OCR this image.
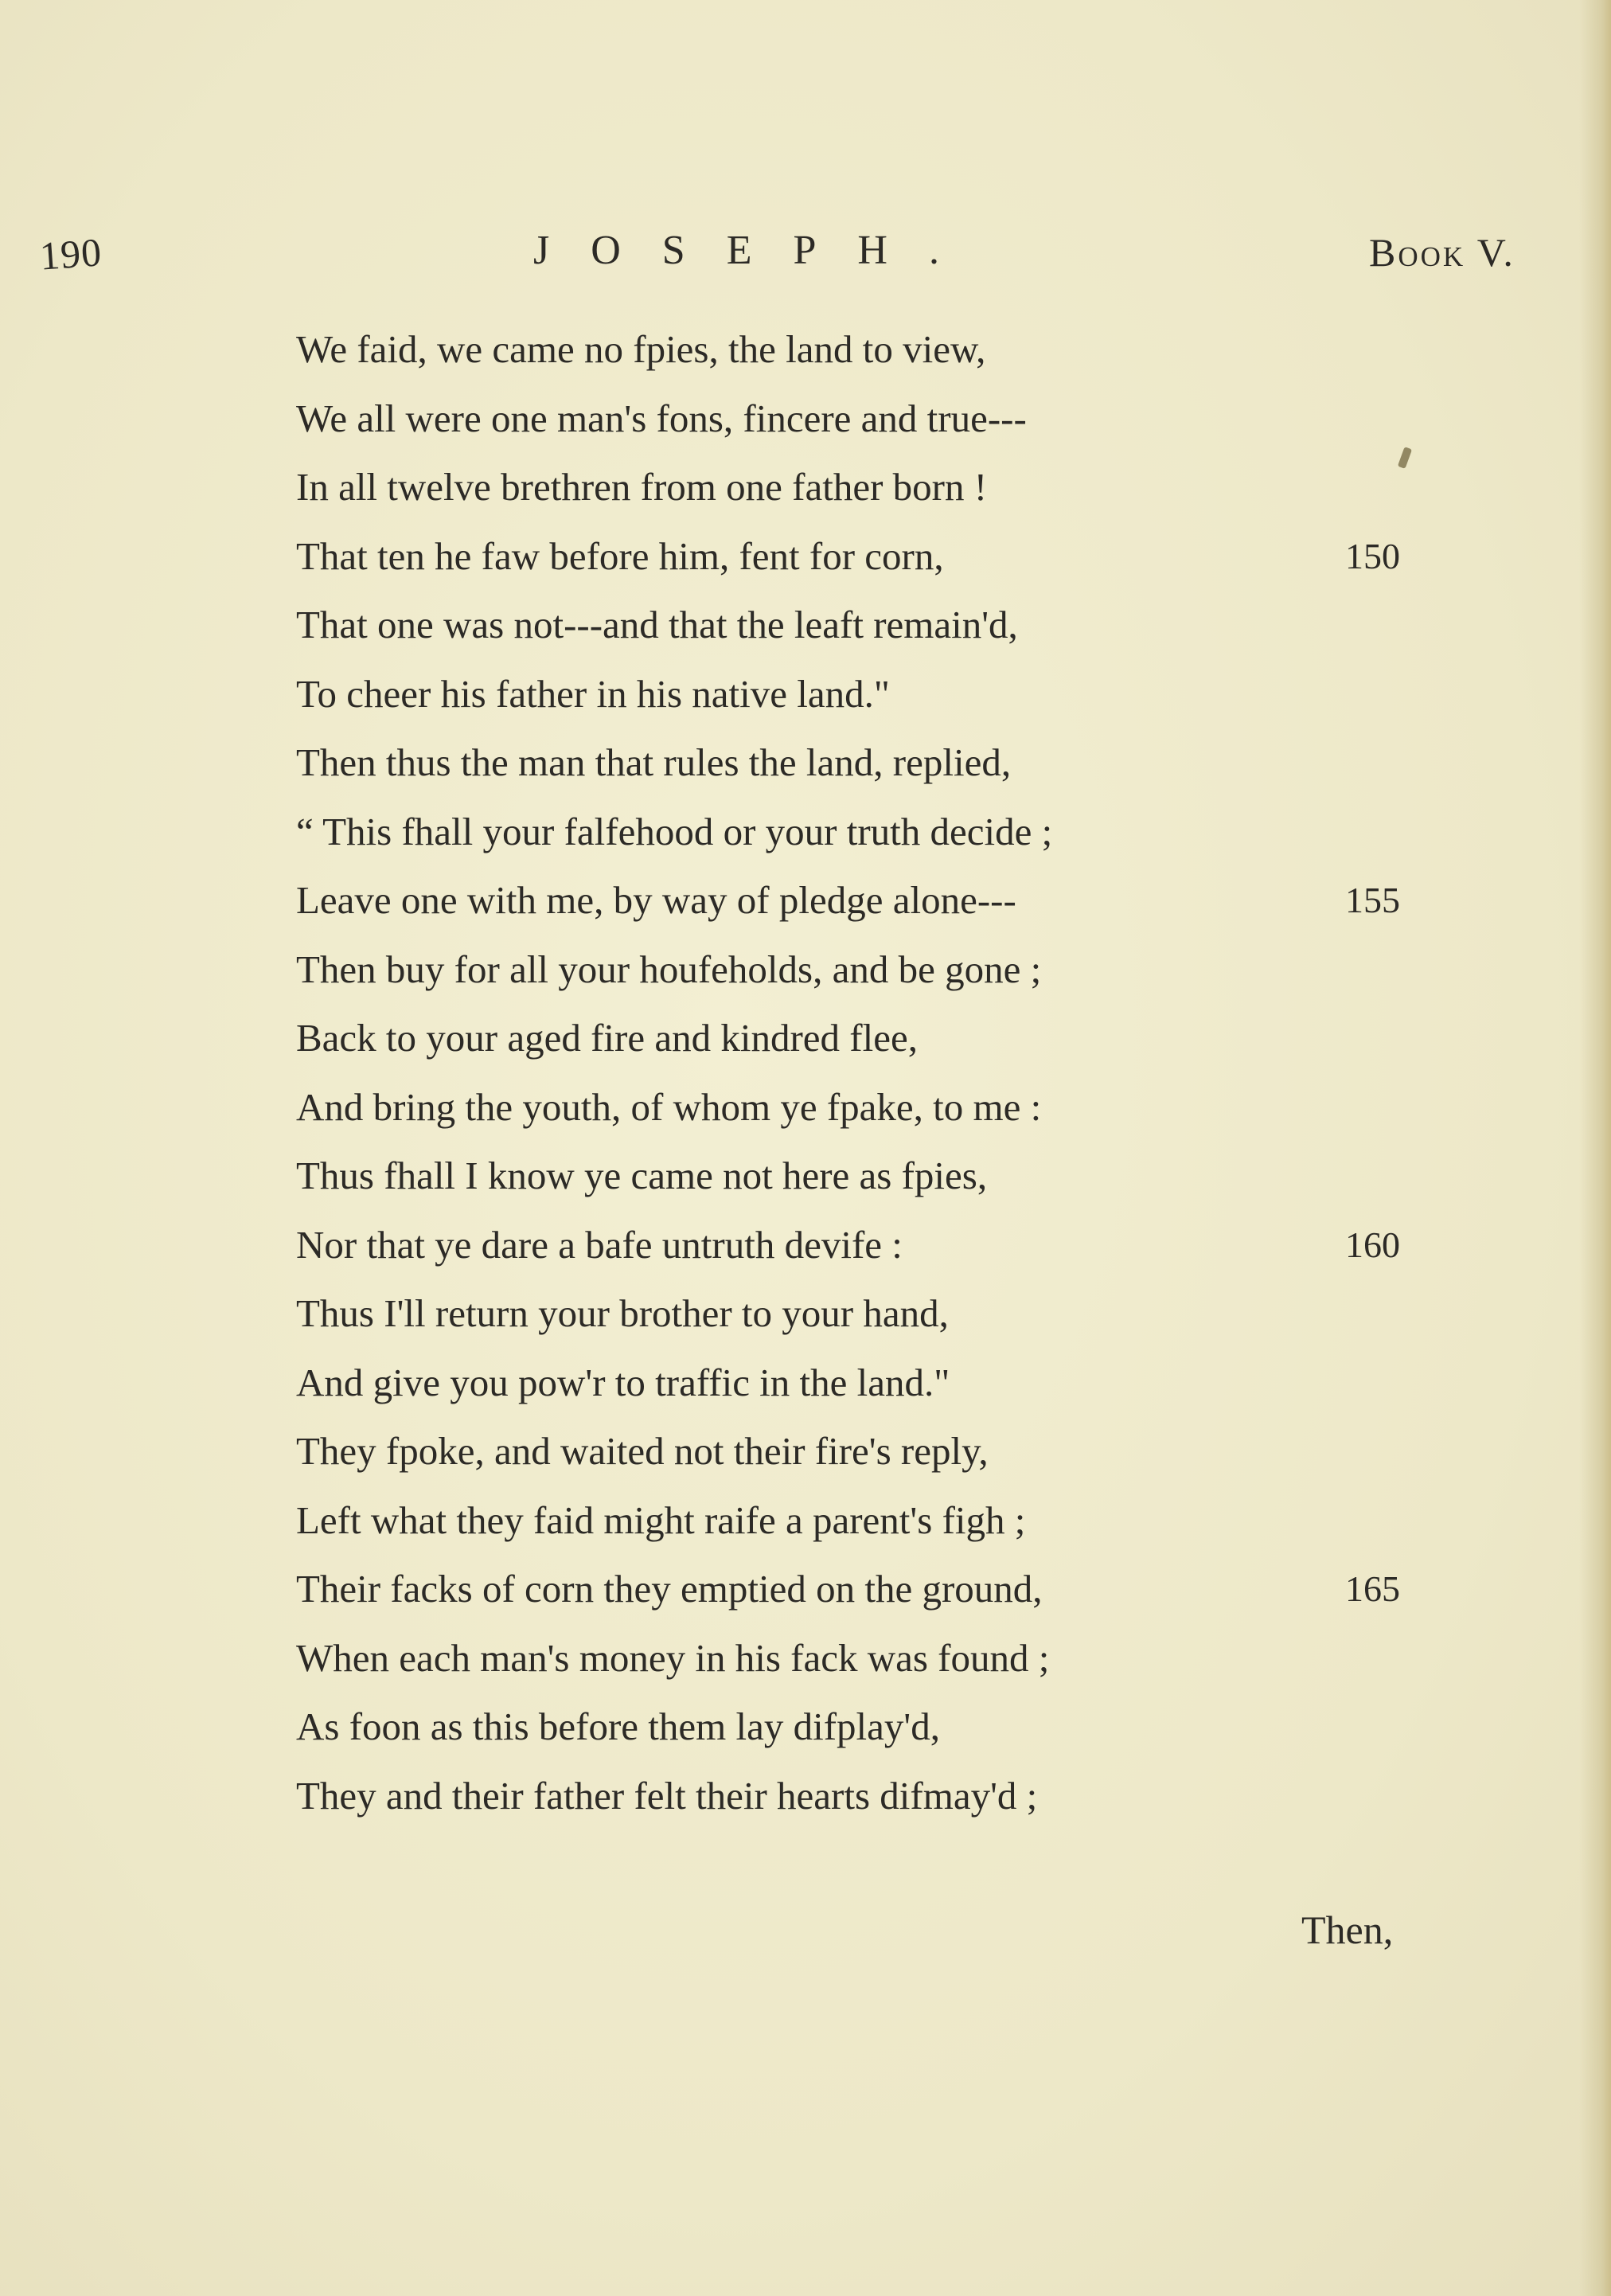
190	JOSEPH.	Book V.
We faid, we came no fpies, the land to view,
We all were one man's fons, fincere and true---
In all twelve brethren from one father born !
That ten he faw before him, fent for corn,	150
That one was not---and that the leaft remain'd,
To cheer his father in his native land."
Then thus the man that rules the land, replied,
“ This fhall your falfehood or your truth decide ;
Leave one with me, by way of pledge alone---	155
Then buy for all your houfeholds, and be gone ;
Back to your aged fire and kindred flee,
And bring the youth, of whom ye fpake, to me :
Thus fhall I know ye came not here as fpies,
Nor that ye dare a bafe untruth devife :	160
Thus I'll return your brother to your hand,
And give you pow'r to traffic in the land."
They fpoke, and waited not their fire's reply,
Left what they faid might raife a parent's figh ;
Their facks of corn they emptied on the ground,	165
When each man's money in his fack was found ;
As foon as this before them lay difplay'd,
They and their father felt their hearts difmay'd ;
Then,
